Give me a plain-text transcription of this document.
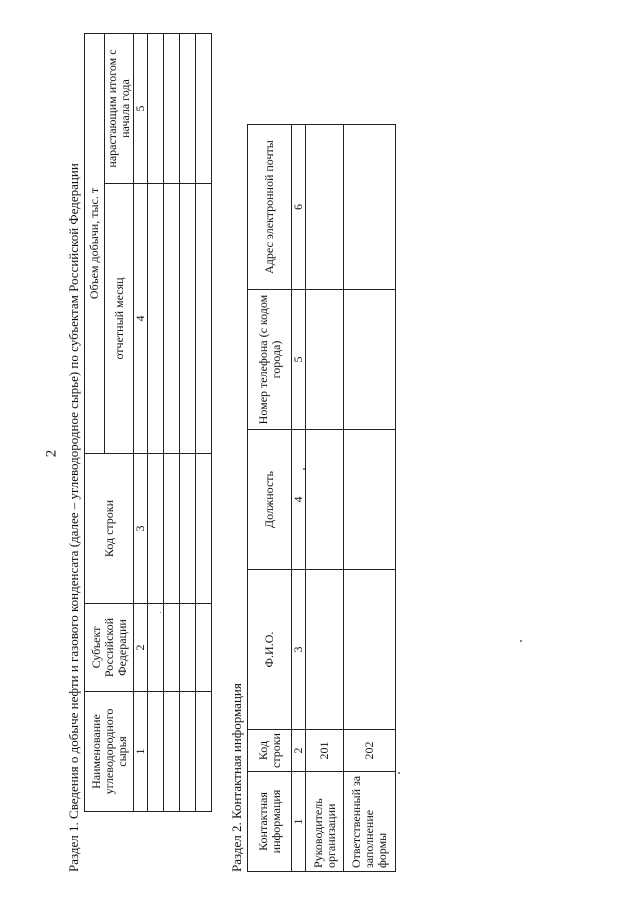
2 Раздел 1. Сведения о добыче нефти и газового конденсата (далее – углеводородное сырье) по субъектам Российской Федерации Наименование углеводородного сырья	Субъект Российской Федерации	Код строки	Объем добычи, тыс. т	
			отчетный месяц	нарастающим итогом с начала года
1	2	3	4	5

Раздел 2. Контактная информация Контактная информация	Код строки	Ф.И.О.	Должность	Номер телефона (с кодом города)	Адрес электронной почты
1	2	3	4	5	6
Руководитель организации	201				
Ответственный за заполнение формы	202				
